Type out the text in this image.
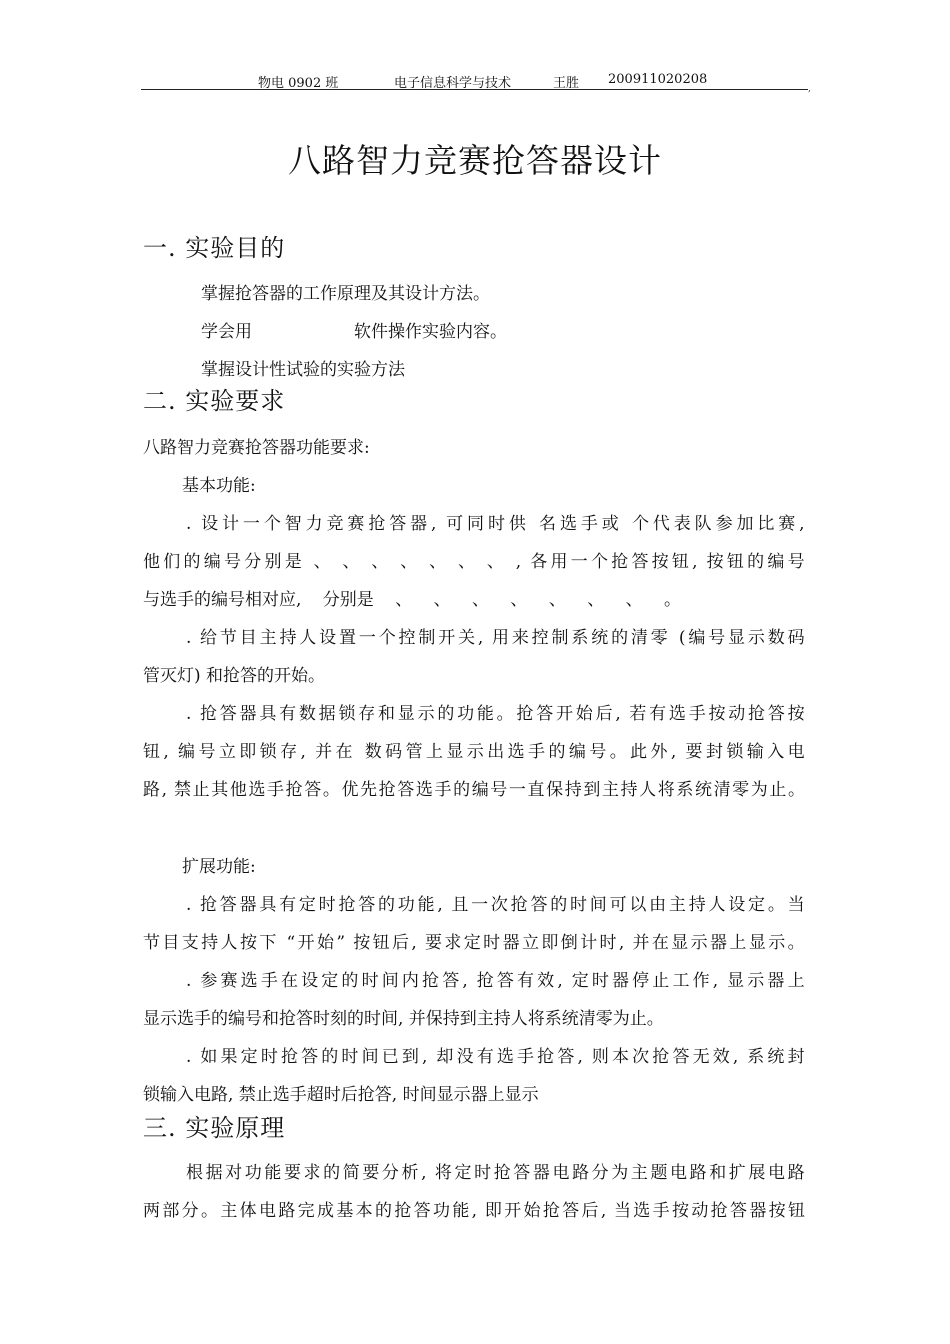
物电 0902 班	电子信息科学与技术	王胜 200911020208
,
八路智力竞赛抢答器设计
一. 实验目的
掌握抢答器的工作原理及其设计方法。
学会用	软件操作实验内容。
掌握设计性试验的实验方法
二. 实验要求
八路智力竞赛抢答器功能要求:
基本功能:
. 设计一个智力竞赛抢答器, 可同时供 名选手或 个代表队参加比赛,
他们的编号分别是 、 、 、 、 、 、 、 , 各用一个抢答按钮, 按钮的编号
与选手的编号相对应, 分别是 、 、 、 、 、 、 、 。
. 给节目主持人设置一个控制开关, 用来控制系统的清零 (编号显示数码
管灭灯) 和抢答的开始。
. 抢答器具有数据锁存和显示的功能。抢答开始后, 若有选手按动抢答按
钮, 编号立即锁存, 并在 数码管上显示出选手的编号。此外, 要封锁输入电
路, 禁止其他选手抢答。优先抢答选手的编号一直保持到主持人将系统清零为止。
扩展功能:
. 抢答器具有定时抢答的功能, 且一次抢答的时间可以由主持人设定。当
节目支持人按下 “开始” 按钮后, 要求定时器立即倒计时, 并在显示器上显示。
. 参赛选手在设定的时间内抢答, 抢答有效, 定时器停止工作, 显示器上
显示选手的编号和抢答时刻的时间, 并保持到主持人将系统清零为止。
. 如果定时抢答的时间已到, 却没有选手抢答, 则本次抢答无效, 系统封
锁输入电路, 禁止选手超时后抢答, 时间显示器上显示
三. 实验原理
根据对功能要求的简要分析, 将定时抢答器电路分为主题电路和扩展电路
两部分。主体电路完成基本的抢答功能, 即开始抢答后, 当选手按动抢答器按钮
